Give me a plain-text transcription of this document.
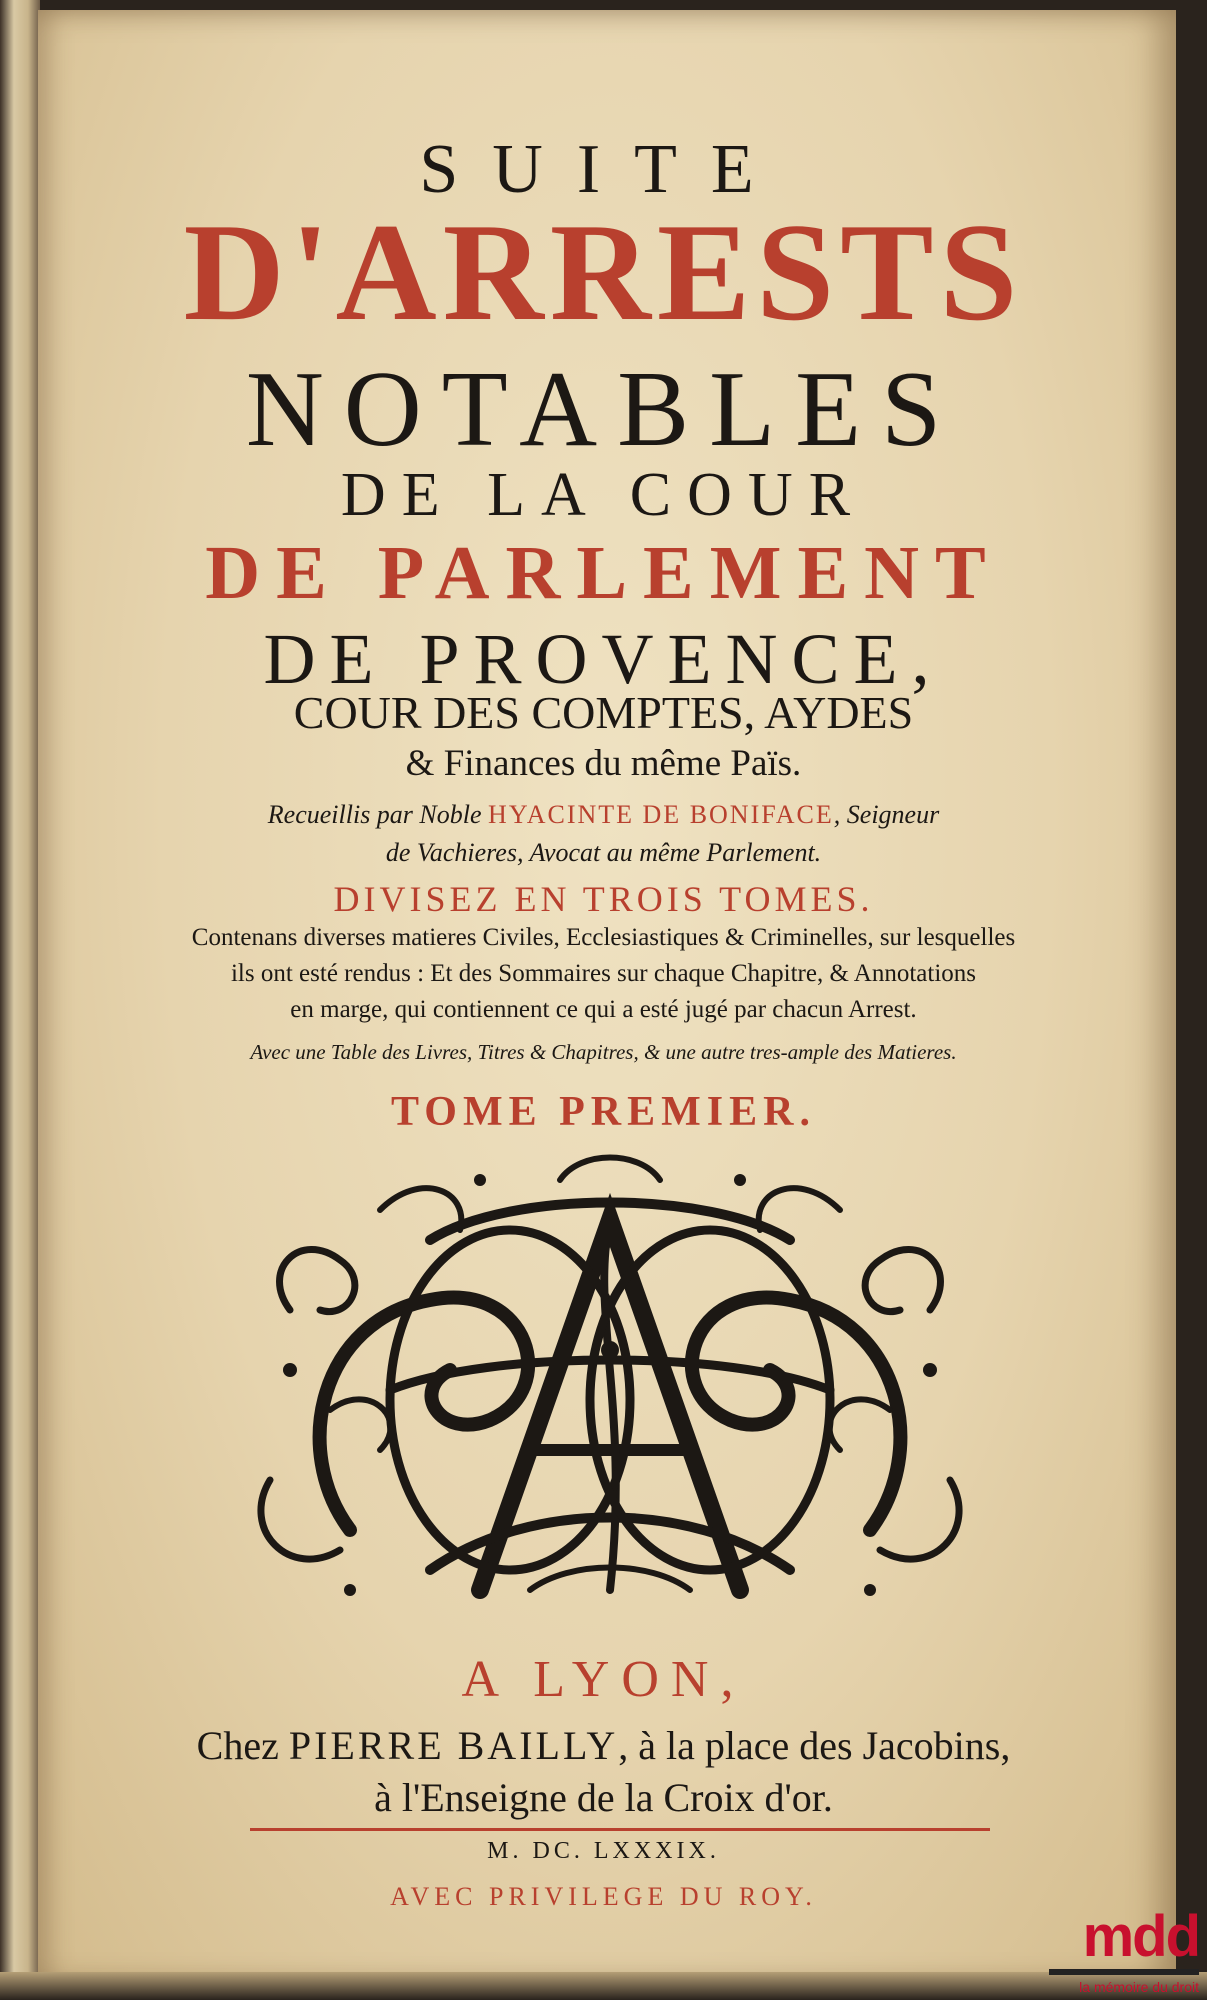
SUITE
D'ARRESTS
NOTABLES
DE LA COUR
DE PARLEMENT
DE PROVENCE,
COUR DES COMPTES, AYDES
& Finances du même Païs.
Recueillis par Noble HYACINTE DE BONIFACE, Seigneur
de Vachieres, Avocat au même Parlement.
DIVISEZ EN TROIS TOMES.
Contenans diverses matieres Civiles, Ecclesiastiques & Criminelles, sur lesquelles
ils ont esté rendus : Et des Sommaires sur chaque Chapitre, & Annotations
en marge, qui contiennent ce qui a esté jugé par chacun Arrest.
Avec une Table des Livres, Titres & Chapitres, & une autre tres-ample des Matieres.
TOME PREMIER.
A LYON,
Chez PIERRE BAILLY, à la place des Jacobins,
à l'Enseigne de la Croix d'or.
M. DC. LXXXIX.
AVEC PRIVILEGE DU ROY.
mdd
la mémoire du droit
